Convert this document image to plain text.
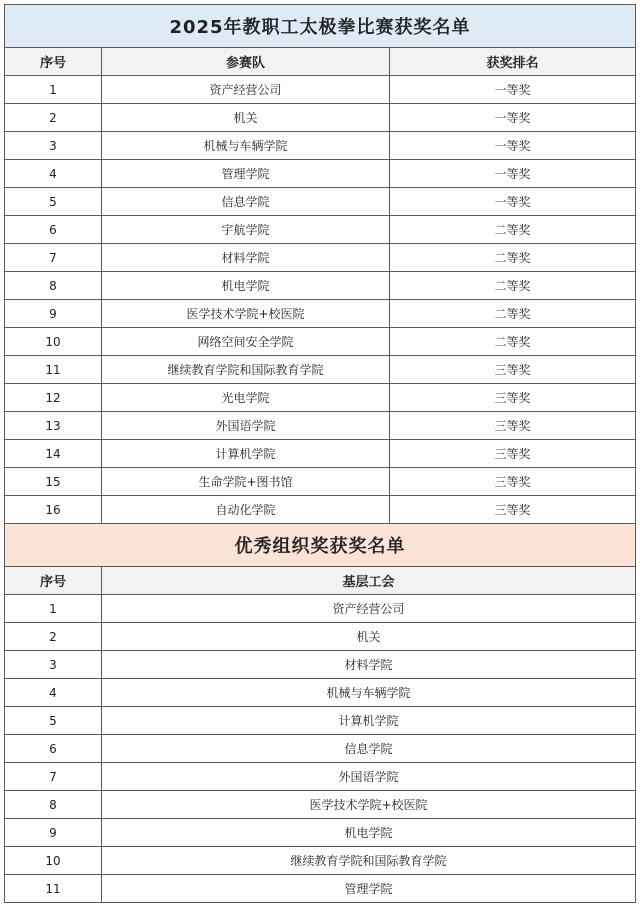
2025年教职工太极拳比赛获奖名单
序号	参赛队	获奖排名
1	资产经营公司	一等奖
2	机关	一等奖
3	机械与车辆学院	一等奖
4	管理学院	一等奖
5	信息学院	一等奖
6	宇航学院	二等奖
7	材料学院	二等奖
8	机电学院	二等奖
9	医学技术学院+校医院	二等奖
10	网络空间安全学院	二等奖
11	继续教育学院和国际教育学院	三等奖
12	光电学院	三等奖
13	外国语学院	三等奖
14	计算机学院	三等奖
15	生命学院+图书馆	三等奖
16	自动化学院	三等奖
优秀组织奖获奖名单
序号	基层工会
1	资产经营公司
2	机关
3	材料学院
4	机械与车辆学院
5	计算机学院
6	信息学院
7	外国语学院
8	医学技术学院+校医院
9	机电学院
10	继续教育学院和国际教育学院
11	管理学院
